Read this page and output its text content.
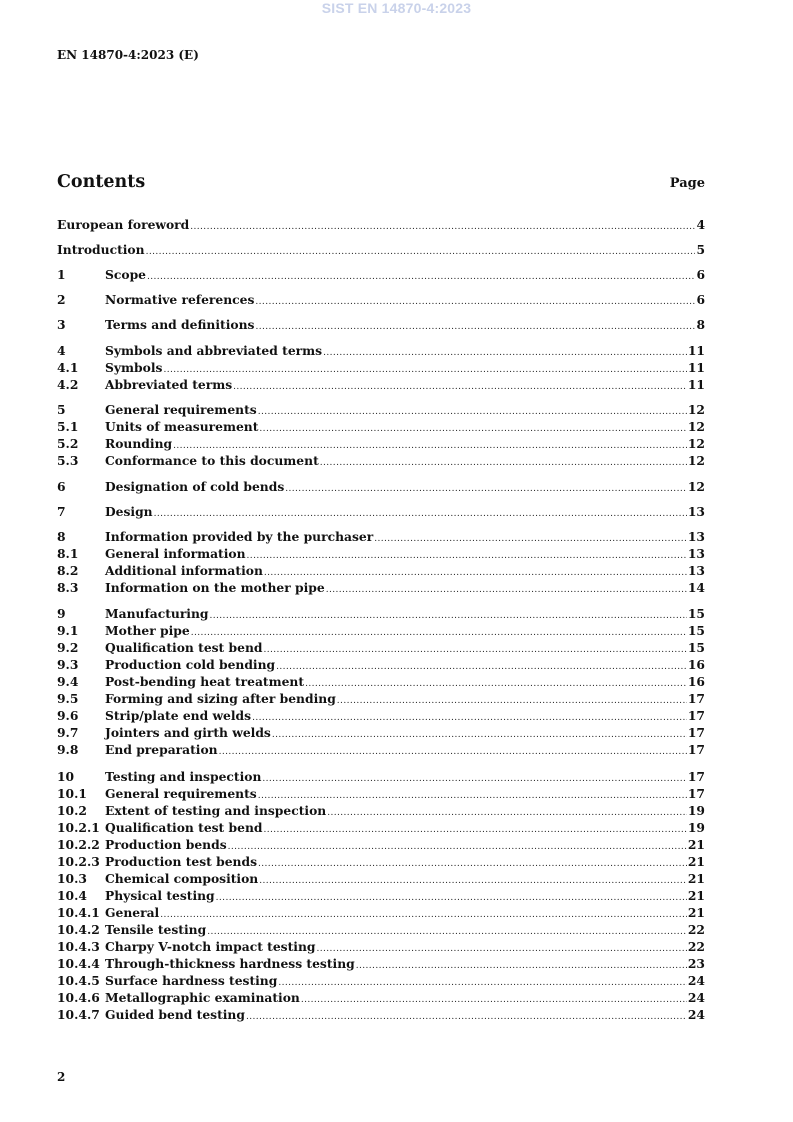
SIST EN 14870-4:2023
EN 14870-4:2023 (E)
Contents	Page
European foreword .....	4
Introduction .....	5
1	Scope .....	6
2	Normative references .....	6
3	Terms and definitions .....	8
4	Symbols and abbreviated terms .....	11
4.1	Symbols .....	11
4.2	Abbreviated terms .....	11
5	General requirements .....	12
5.1	Units of measurement .....	12
5.2	Rounding .....	12
5.3	Conformance to this document .....	12
6	Designation of cold bends .....	12
7	Design .....	13
8	Information provided by the purchaser .....	13
8.1	General information .....	13
8.2	Additional information .....	13
8.3	Information on the mother pipe .....	14
9	Manufacturing .....	15
9.1	Mother pipe .....	15
9.2	Qualification test bend .....	15
9.3	Production cold bending .....	16
9.4	Post-bending heat treatment .....	16
9.5	Forming and sizing after bending .....	17
9.6	Strip/plate end welds .....	17
9.7	Jointers and girth welds .....	17
9.8	End preparation .....	17
10	Testing and inspection .....	17
10.1	General requirements .....	17
10.2	Extent of testing and inspection .....	19
10.2.1 Qualification test bend .....	19
10.2.2 Production bends .....	21
10.2.3 Production test bends .....	21
10.3	Chemical composition .....	21
10.4	Physical testing .....	21
10.4.1 General .....	21
10.4.2 Tensile testing .....	22
10.4.3 Charpy V-notch impact testing .....	22
10.4.4 Through-thickness hardness testing .....	23
10.4.5 Surface hardness testing .....	24
10.4.6 Metallographic examination .....	24
10.4.7 Guided bend testing .....	24
2
